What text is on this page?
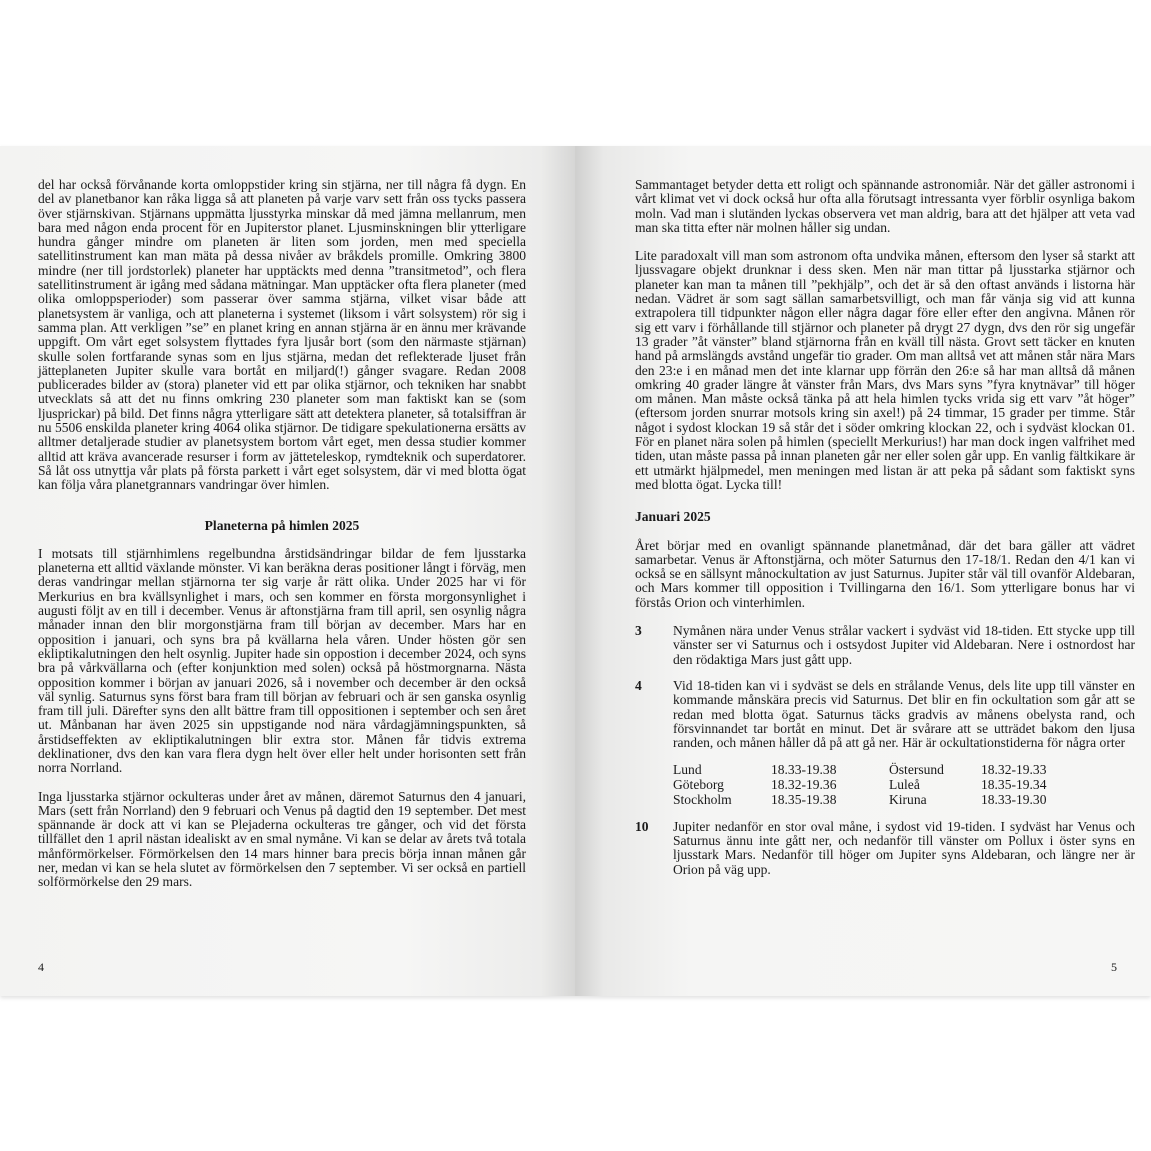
del har också förvånande korta omloppstider kring sin stjärna, ner till några få dygn. En del av planetbanor kan råka ligga så att planeten på varje varv sett från oss tycks passera över stjärnskivan. Stjärnans uppmätta ljusstyrka minskar då med jämna mellanrum, men bara med någon enda procent för en Jupiterstor planet. Ljusminskningen blir ytterligare hundra gånger mindre om planeten är liten som jorden, men med speciella satellitinstrument kan man mäta på dessa nivåer av bråkdels promille. Omkring 3800 mindre (ner till jordstorlek) planeter har upptäckts med denna ”transitmetod”, och flera satellitinstrument är igång med sådana mätningar. Man upptäcker ofta flera planeter (med olika omloppsperioder) som passerar över samma stjärna, vilket visar både att planetsystem är vanliga, och att planeterna i systemet (liksom i vårt solsystem) rör sig i samma plan. Att verkligen ”se” en planet kring en annan stjärna är en ännu mer krävande uppgift. Om vårt eget solsystem flyttades fyra ljusår bort (som den närmaste stjärnan) skulle solen fortfarande synas som en ljus stjärna, medan det reflekterade ljuset från jätteplaneten Jupiter skulle vara bortåt en miljard(!) gånger svagare. Redan 2008 publicerades bilder av (stora) planeter vid ett par olika stjärnor, och tekniken har snabbt utvecklats så att det nu finns omkring 230 planeter som man faktiskt kan se (som ljusprickar) på bild. Det finns några ytterligare sätt att detektera planeter, så totalsiffran är nu 5506 enskilda planeter kring 4064 olika stjärnor. De tidigare spekulationerna ersätts av alltmer detaljerade studier av planetsystem bortom vårt eget, men dessa studier kommer alltid att kräva avancerade resurser i form av jätteteleskop, rymdteknik och superdatorer. Så låt oss utnyttja vår plats på första parkett i vårt eget solsystem, där vi med blotta ögat kan följa våra planetgrannars vandringar över himlen.

Planeterna på himlen 2025

I motsats till stjärnhimlens regelbundna årstidsändringar bildar de fem ljusstarka planeterna ett alltid växlande mönster. Vi kan beräkna deras positioner långt i förväg, men deras vandringar mellan stjärnorna ter sig varje år rätt olika. Under 2025 har vi för Merkurius en bra kvällsynlighet i mars, och sen kommer en första morgonsynlighet i augusti följt av en till i december. Venus är aftonstjärna fram till april, sen osynlig några månader innan den blir morgonstjärna fram till början av december. Mars har en opposition i januari, och syns bra på kvällarna hela våren. Under hösten gör sen ekliptikalutningen den helt osynlig. Jupiter hade sin oppostion i december 2024, och syns bra på vårkvällarna och (efter konjunktion med solen) också på höstmorgnarna. Nästa opposition kommer i början av januari 2026, så i november och december är den också väl synlig. Saturnus syns först bara fram till början av februari och är sen ganska osynlig fram till juli. Därefter syns den allt bättre fram till oppositionen i september och sen året ut. Månbanan har även 2025 sin uppstigande nod nära vårdagjämningspunkten, så årstidseffekten av ekliptikalutningen blir extra stor. Månen får tidvis extrema deklinationer, dvs den kan vara flera dygn helt över eller helt under horisonten sett från norra Norrland.

Inga ljusstarka stjärnor ockulteras under året av månen, däremot Saturnus den 4 januari, Mars (sett från Norrland) den 9 februari och Venus på dagtid den 19 september. Det mest spännande är dock att vi kan se Plejaderna ockulteras tre gånger, och vid det första tillfället den 1 april nästan idealiskt av en smal nymåne. Vi kan se delar av årets två totala månförmörkelser. Förmörkelsen den 14 mars hinner bara precis börja innan månen går ner, medan vi kan se hela slutet av förmörkelsen den 7 september. Vi ser också en partiell solförmörkelse den 29 mars.

4

Sammantaget betyder detta ett roligt och spännande astronomiår. När det gäller astronomi i vårt klimat vet vi dock också hur ofta alla förutsagt intressanta vyer förblir osynliga bakom moln. Vad man i slutänden lyckas observera vet man aldrig, bara att det hjälper att veta vad man ska titta efter när molnen håller sig undan.

Lite paradoxalt vill man som astronom ofta undvika månen, eftersom den lyser så starkt att ljussvagare objekt drunknar i dess sken. Men när man tittar på ljusstarka stjärnor och planeter kan man ta månen till ”pekhjälp”, och det är så den oftast används i listorna här nedan. Vädret är som sagt sällan samarbetsvilligt, och man får vänja sig vid att kunna extrapolera till tidpunkter någon eller några dagar före eller efter den angivna. Månen rör sig ett varv i förhållande till stjärnor och planeter på drygt 27 dygn, dvs den rör sig ungefär 13 grader ”åt vänster” bland stjärnorna från en kväll till nästa. Grovt sett täcker en knuten hand på armslängds avstånd ungefär tio grader. Om man alltså vet att månen står nära Mars den 23:e i en månad men det inte klarnar upp förrän den 26:e så har man alltså då månen omkring 40 grader längre åt vänster från Mars, dvs Mars syns ”fyra knytnävar” till höger om månen. Man måste också tänka på att hela himlen tycks vrida sig ett varv ”åt höger” (eftersom jorden snurrar motsols kring sin axel!) på 24 timmar, 15 grader per timme. Står något i sydost klockan 19 så står det i söder omkring klockan 22, och i sydväst klockan 01. För en planet nära solen på himlen (speciellt Merkurius!) har man dock ingen valfrihet med tiden, utan måste passa på innan planeten går ner eller solen går upp. En vanlig fältkikare är ett utmärkt hjälpmedel, men meningen med listan är att peka på sådant som faktiskt syns med blotta ögat. Lycka till!

Januari 2025

Året börjar med en ovanligt spännande planetmånad, där det bara gäller att vädret samarbetar. Venus är Aftonstjärna, och möter Saturnus den 17-18/1. Redan den 4/1 kan vi också se en sällsynt månockultation av just Saturnus. Jupiter står väl till ovanför Aldebaran, och Mars kommer till opposition i Tvillingarna den 16/1. Som ytterligare bonus har vi förstås Orion och vinterhimlen.

3	Nymånen nära under Venus strålar vackert i sydväst vid 18-tiden. Ett stycke upp till vänster ser vi Saturnus och i ostsydost Jupiter vid Aldebaran. Nere i ostnordost har den rödaktiga Mars just gått upp.
4	Vid 18-tiden kan vi i sydväst se dels en strålande Venus, dels lite upp till vänster en kommande månskära precis vid Saturnus. Det blir en fin ockultation som går att se redan med blotta ögat. Saturnus täcks gradvis av månens obelysta rand, och försvinnandet tar bortåt en minut. Det är svårare att se utträdet bakom den ljusa randen, och månen håller då på att gå ner. Här är ockultationstiderna för några orter
Lund	18.33-19.38	Östersund	18.32-19.33
Göteborg	18.32-19.36	Luleå	18.35-19.34
Stockholm	18.35-19.38	Kiruna	18.33-19.30
10	Jupiter nedanför en stor oval måne, i sydost vid 19-tiden. I sydväst har Venus och Saturnus ännu inte gått ner, och nedanför till vänster om Pollux i öster syns en ljusstark Mars. Nedanför till höger om Jupiter syns Aldebaran, och längre ner är Orion på väg upp.
5
